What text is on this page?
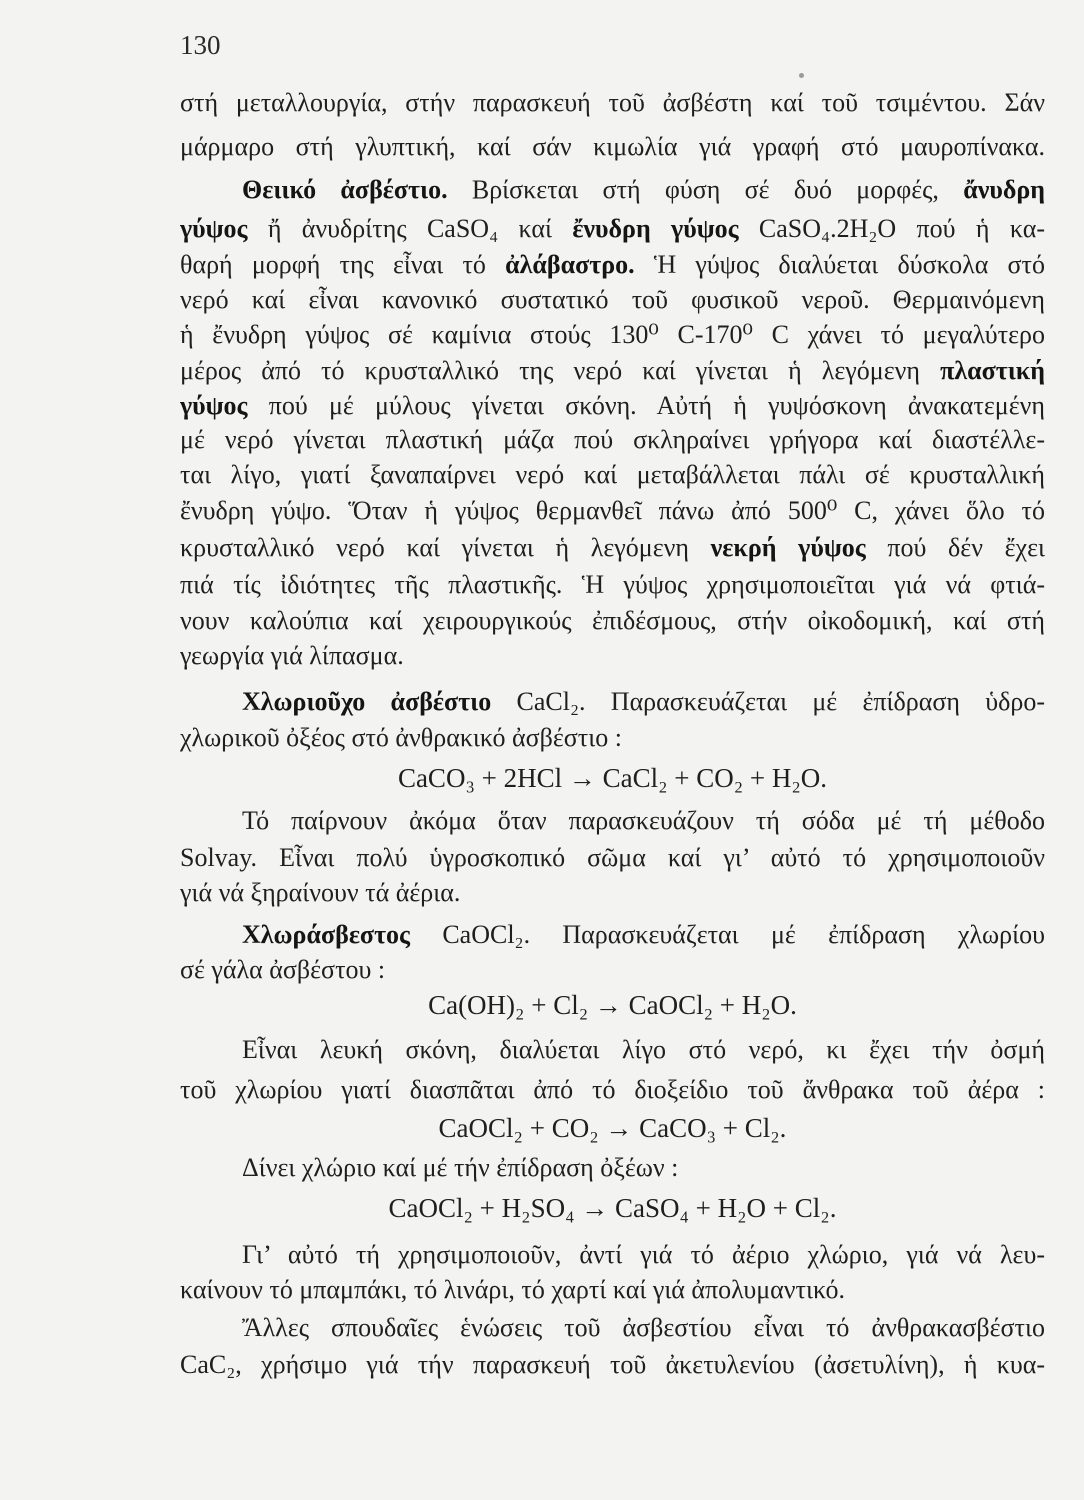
130
στή μεταλλουργία, στήν παρασκευή τοῦ ἀσβέστη καί τοῦ τσιμέντου. Σάν
μάρμαρο στή γλυπτική, καί σάν κιμωλία γιά γραφή στό μαυροπίνακα.
Θειικό ἀσβέστιο. Βρίσκεται στή φύση σέ δυό μορφές, ἄνυδρη
γύψος ἤ ἀνυδρίτης CaSO₄ καί ἔνυδρη γύψος CaSO₄.2H₂O πού ἡ κα-
θαρή μορφή της εἶναι τό ἀλάβαστρο. Ἡ γύψος διαλύεται δύσκολα στό
νερό καί εἶναι κανονικό συστατικό τοῦ φυσικοῦ νεροῦ. Θερμαινόμενη
ἡ ἔνυδρη γύψος σέ καμίνια στούς 130⁰ C-170⁰ C χάνει τό μεγαλύτερο
μέρος ἀπό τό κρυσταλλικό της νερό καί γίνεται ἡ λεγόμενη πλαστική
γύψος πού μέ μύλους γίνεται σκόνη. Αὐτή ἡ γυψόσκονη ἀνακατεμένη
μέ νερό γίνεται πλαστική μάζα πού σκληραίνει γρήγορα καί διαστέλλε-
ται λίγο, γιατί ξαναπαίρνει νερό καί μεταβάλλεται πάλι σέ κρυσταλλική
ἔνυδρη γύψο. Ὅταν ἡ γύψος θερμανθεῖ πάνω ἀπό 500⁰ C, χάνει ὅλο τό
κρυσταλλικό νερό καί γίνεται ἡ λεγόμενη νεκρή γύψος πού δέν ἔχει
πιά τίς ἰδιότητες τῆς πλαστικῆς. Ἡ γύψος χρησιμοποιεῖται γιά νά φτιά-
νουν καλούπια καί χειρουργικούς ἐπιδέσμους, στήν οἰκοδομική, καί στή
γεωργία γιά λίπασμα.
Χλωριοῦχο ἀσβέστιο CaCl₂. Παρασκευάζεται μέ ἐπίδραση ὑδρο-
χλωρικοῦ ὀξέος στό ἀνθρακικό ἀσβέστιο :
CaCO₃ + 2HCl → CaCl₂ + CO₂ + H₂O.
Τό παίρνουν ἀκόμα ὅταν παρασκευάζουν τή σόδα μέ τή μέθοδο
Solvay. Εἶναι πολύ ὑγροσκοπικό σῶμα καί γι’ αὐτό τό χρησιμοποιοῦν
γιά νά ξηραίνουν τά ἀέρια.
Χλωράσβεστος CaOCl₂. Παρασκευάζεται μέ ἐπίδραση χλωρίου
σέ γάλα ἀσβέστου :
Ca(OH)₂ + Cl₂ → CaOCl₂ + H₂O.
Εἶναι λευκή σκόνη, διαλύεται λίγο στό νερό, κι ἔχει τήν ὀσμή
τοῦ χλωρίου γιατί διασπᾶται ἀπό τό διοξείδιο τοῦ ἄνθρακα τοῦ ἀέρα :
CaOCl₂ + CO₂ → CaCO₃ + Cl₂.
Δίνει χλώριο καί μέ τήν ἐπίδραση ὀξέων :
CaOCl₂ + H₂SO₄ → CaSO₄ + H₂O + Cl₂.
Γι’ αὐτό τή χρησιμοποιοῦν, ἀντί γιά τό ἀέριο χλώριο, γιά νά λευ-
καίνουν τό μπαμπάκι, τό λινάρι, τό χαρτί καί γιά ἀπολυμαντικό.
Ἄλλες σπουδαῖες ἑνώσεις τοῦ ἀσβεστίου εἶναι τό ἀνθρακασβέστιο
CaC₂, χρήσιμο γιά τήν παρασκευή τοῦ ἀκετυλενίου (ἀσετυλίνη), ἡ κυα-
